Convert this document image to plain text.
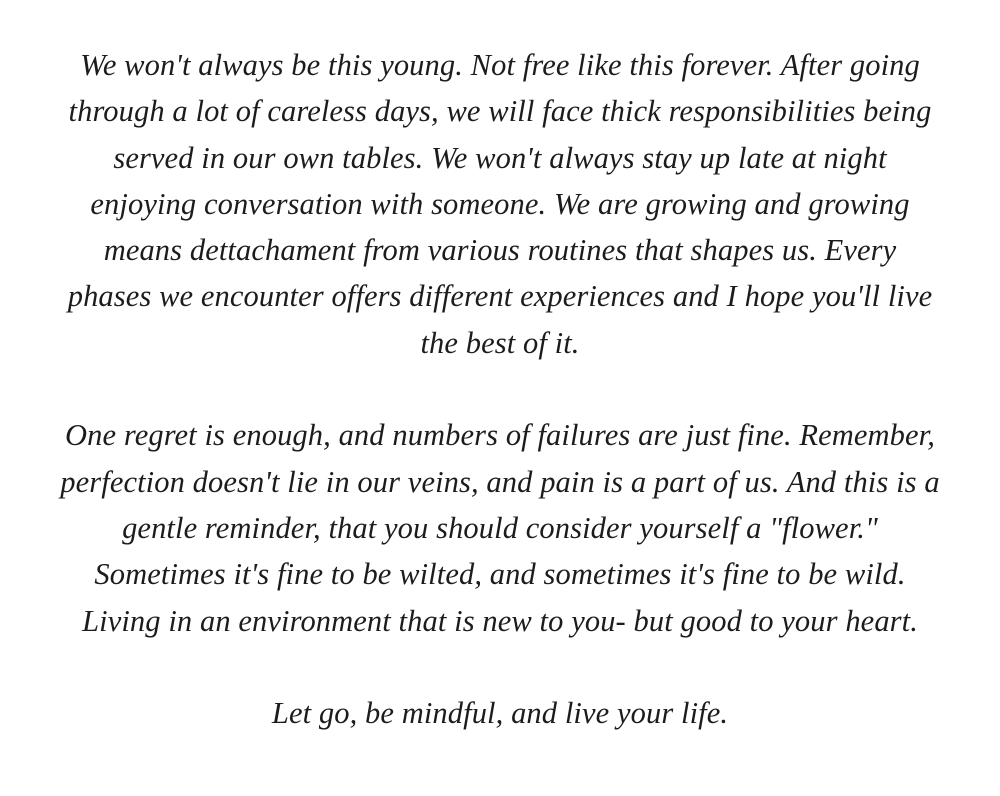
We won't always be this young. Not free like this forever. After going through a lot of careless days, we will face thick responsibilities being served in our own tables. We won't always stay up late at night enjoying conversation with someone. We are growing and growing means dettachament from various routines that shapes us. Every phases we encounter offers different experiences and I hope you'll live the best of it.

One regret is enough, and numbers of failures are just fine. Remember, perfection doesn't lie in our veins, and pain is a part of us. And this is a gentle reminder, that you should consider yourself a "flower." Sometimes it's fine to be wilted, and sometimes it's fine to be wild. Living in an environment that is new to you- but good to your heart.

Let go, be mindful, and live your life.
